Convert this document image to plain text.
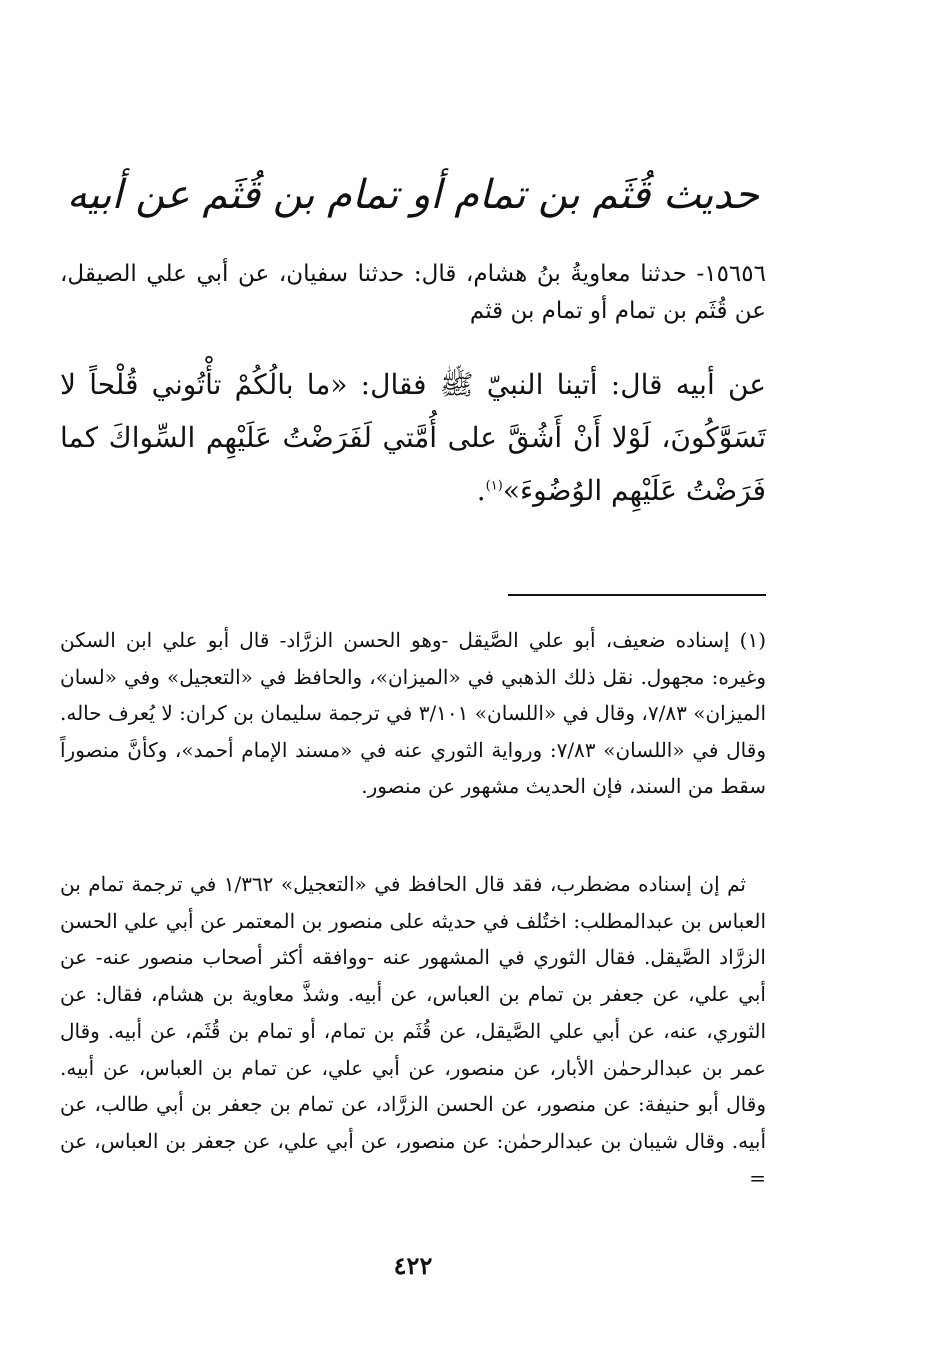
حديث قُثَم بن تمام أو تمام بن قُثَم عن أبيه
١٥٦٥٦- حدثنا معاويةُ بنُ هشام، قال: حدثنا سفيان، عن أبي علي الصيقل، عن قُثَم بن تمام أو تمام بن قثم
عن أبيه قال: أتينا النبيّ ﷺ فقال: «ما بالُكُمْ تأْتُوني قُلْحاً لا تَسَوَّكُونَ، لَوْلا أَنْ أَشُقَّ على أُمَّتي لَفَرَضْتُ عَلَيْهِم السِّواكَ كما فَرَضْتُ عَلَيْهِم الوُضُوءَ»$^{(١)}$.

(١) إسناده ضعيف، أبو علي الصَّيقل -وهو الحسن الزرَّاد- قال أبو علي ابن السكن وغيره: مجهول. نقل ذلك الذهبي في «الميزان»، والحافظ في «التعجيل» وفي «لسان الميزان» ٧/٨٣، وقال في «اللسان» ٣/١٠١ في ترجمة سليمان بن كران: لا يُعرف حاله. وقال في «اللسان» ٧/٨٣: ورواية الثوري عنه في «مسند الإمام أحمد»، وكأنَّ منصوراً سقط من السند، فإن الحديث مشهور عن منصور.

ثم إن إسناده مضطرب، فقد قال الحافظ في «التعجيل» ١/٣٦٢ في ترجمة تمام بن العباس بن عبدالمطلب: اختُلف في حديثه على منصور بن المعتمر عن أبي علي الحسن الزرَّاد الصَّيقل. فقال الثوري في المشهور عنه -ووافقه أكثر أصحاب منصور عنه- عن أبي علي، عن جعفر بن تمام بن العباس، عن أبيه. وشذَّ معاوية بن هشام، فقال: عن الثوري، عنه، عن أبي علي الصَّيقل، عن قُثَم بن تمام، أو تمام بن قُثَم، عن أبيه. وقال عمر بن عبدالرحمٰن الأبار، عن منصور، عن أبي علي، عن تمام بن العباس، عن أبيه. وقال أبو حنيفة: عن منصور، عن الحسن الزرَّاد، عن تمام بن جعفر بن أبي طالب، عن أبيه. وقال شيبان بن عبدالرحمٰن: عن منصور، عن أبي علي، عن جعفر بن العباس، عن =

٤٢٢
